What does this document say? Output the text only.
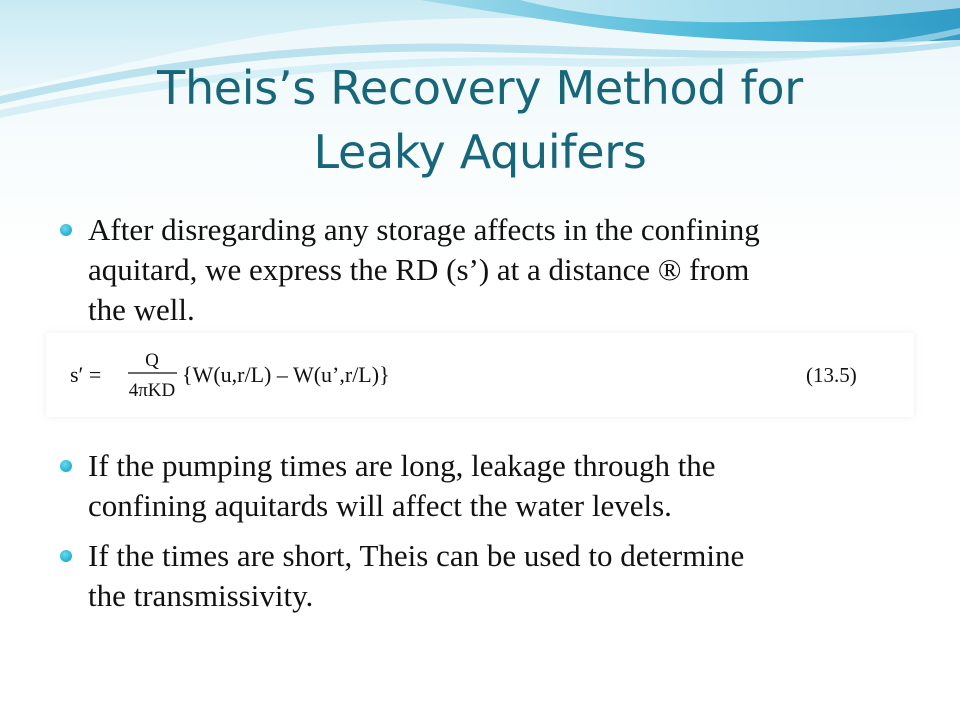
Theis’s Recovery Method for
Leaky Aquifers
After disregarding any storage affects in the confining
aquitard, we express the RD (s’) at a distance ® from
the well.
If the pumping times are long, leakage through the
confining aquitards will affect the water levels.
If the times are short, Theis can be used to determine
the transmissivity.
s′ =
Q
4πKD
{W(u,r/L) – W(u’,r/L)}	(13.5)
